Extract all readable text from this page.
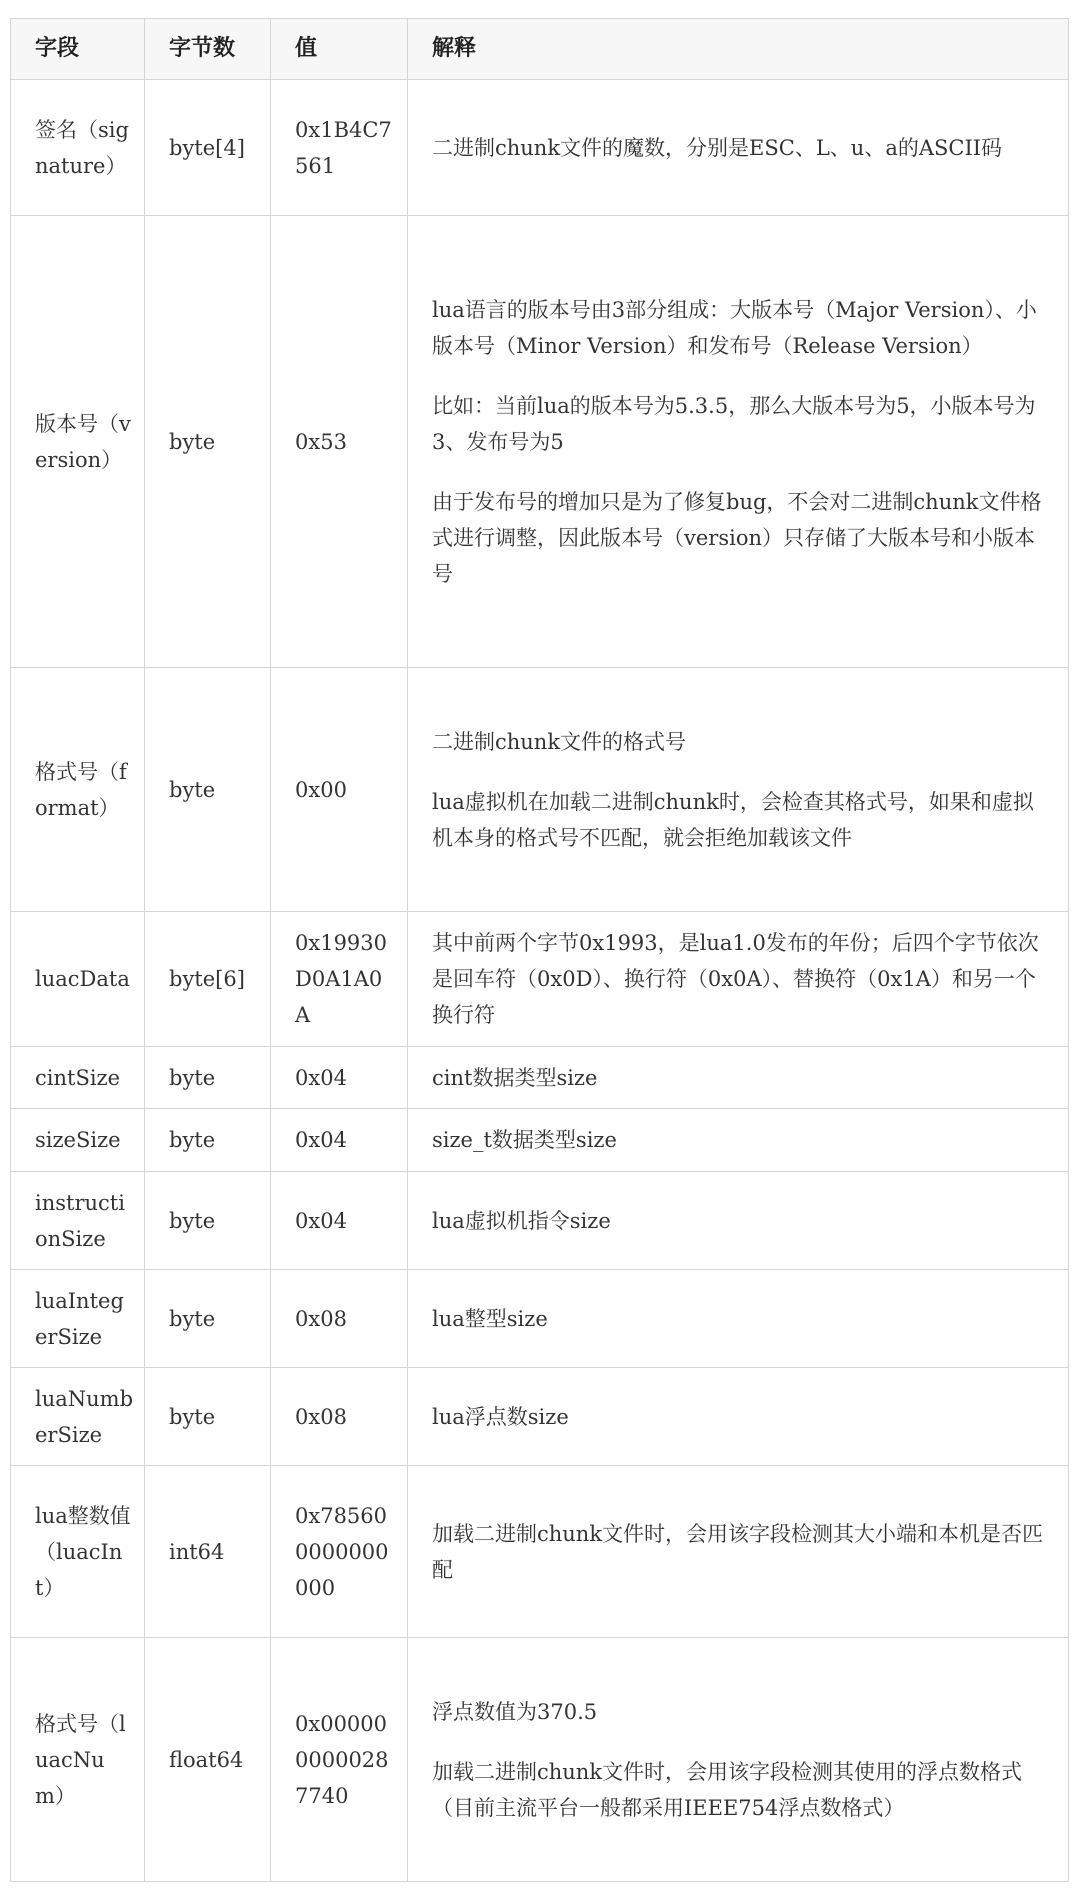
字段	字节数	值	解释
签名（signature）	byte[4]	0x1B4C7561	二进制chunk文件的魔数，分别是ESC、L、u、a的ASCII码

版本号（version）	byte	0x53	lua语言的版本号由3部分组成：大版本号（Major Version）、小版本号（Minor Version）和发布号（Release Version）

比如：当前lua的版本号为5.3.5，那么大版本号为5，小版本号为3、发布号为5

由于发布号的增加只是为了修复bug，不会对二进制chunk文件格式进行调整，因此版本号（version）只存储了大版本号和小版本号

格式号（format）	byte	0x00	二进制chunk文件的格式号

lua虚拟机在加载二进制chunk时，会检查其格式号，如果和虚拟机本身的格式号不匹配，就会拒绝加载该文件

luacData	byte[6]	0x19930D0A1A0A	其中前两个字节0x1993，是lua1.0发布的年份；后四个字节依次是回车符（0x0D）、换行符（0x0A）、替换符（0x1A）和另一个换行符

cintSize	byte	0x04	cint数据类型size

sizeSize	byte	0x04	size_t数据类型size

instructionSize	byte	0x04	lua虚拟机指令size

luaIntegerSize	byte	0x08	lua整型size

luaNumberSize	byte	0x08	lua浮点数size

lua整数值（luacInt）	int64	0x785600000000000	加载二进制chunk文件时，会用该字段检测其大小端和本机是否匹配

格式号（luacNum）	float64	0x0000000000287740	浮点数值为370.5

加载二进制chunk文件时，会用该字段检测其使用的浮点数格式（目前主流平台一般都采用IEEE754浮点数格式）
